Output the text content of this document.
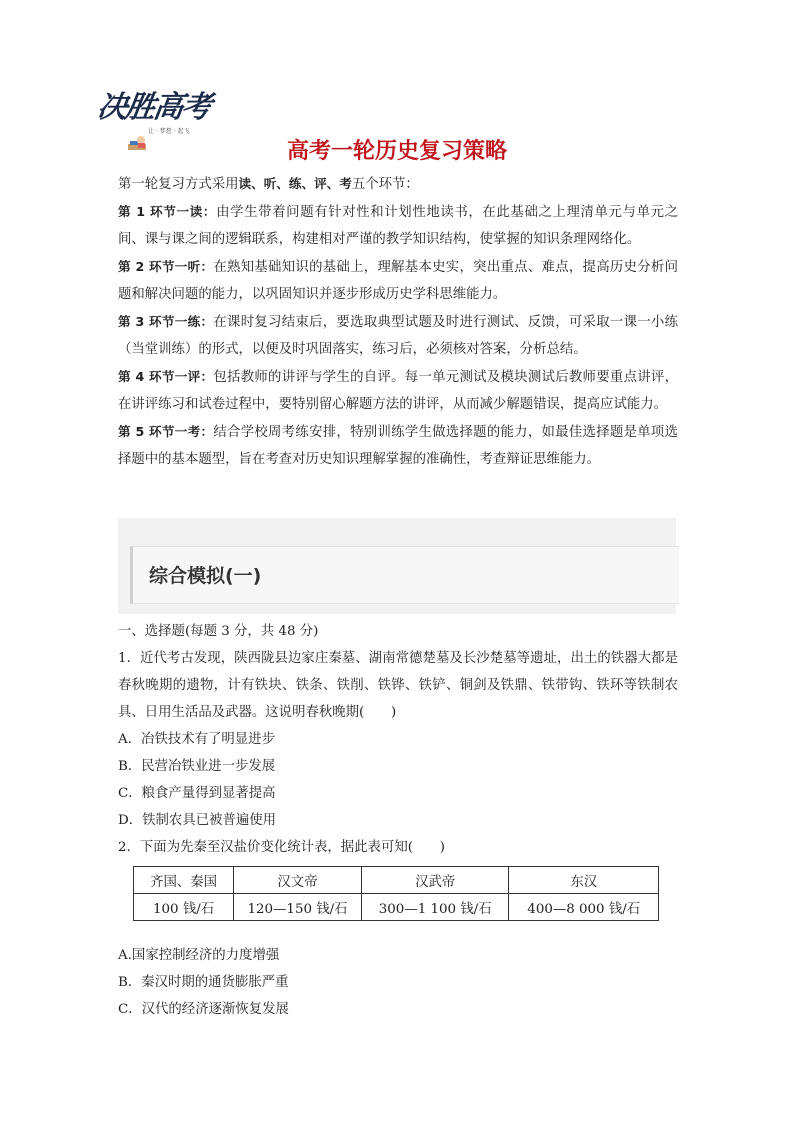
决胜高考
让 · 梦想 · 起飞
高考一轮历史复习策略

第一轮复习方式采用读、听、练、评、考五个环节：

第 1 环节一读：由学生带着问题有针对性和计划性地读书，在此基础之上理清单元与单元之间、课与课之间的逻辑联系，构建相对严谨的教学知识结构，使掌握的知识条理网络化。

第 2 环节一听：在熟知基础知识的基础上，理解基本史实，突出重点、难点，提高历史分析问题和解决问题的能力，以巩固知识并逐步形成历史学科思维能力。

第 3 环节一练：在课时复习结束后，要选取典型试题及时进行测试、反馈，可采取一课一小练（当堂训练）的形式，以便及时巩固落实，练习后，必须核对答案，分析总结。

第 4 环节一评：包括教师的讲评与学生的自评。每一单元测试及模块测试后教师要重点讲评，在讲评练习和试卷过程中，要特别留心解题方法的讲评，从而减少解题错误，提高应试能力。

第 5 环节一考：结合学校周考练安排，特别训练学生做选择题的能力，如最佳选择题是单项选择题中的基本题型，旨在考查对历史知识理解掌握的准确性，考查辩证思维能力。

综合模拟(一)

一、选择题(每题 3 分，共 48 分)

1．近代考古发现，陕西陇县边家庄秦墓、湖南常德楚墓及长沙楚墓等遗址，出土的铁器大都是春秋晚期的遗物，计有铁块、铁条、铁削、铁铧、铁铲、铜剑及铁鼎、铁带钩、铁环等铁制农具、日用生活品及武器。这说明春秋晚期(　　)

A．冶铁技术有了明显进步

B．民营冶铁业进一步发展

C．粮食产量得到显著提高

D．铁制农具已被普遍使用

2．下面为先秦至汉盐价变化统计表，据此表可知(　　)

齐国、秦国	汉文帝	汉武帝	东汉
100 钱/石	120—150 钱/石	300—1 100 钱/石	400—8 000 钱/石

A.国家控制经济的力度增强

B．秦汉时期的通货膨胀严重

C．汉代的经济逐渐恢复发展
